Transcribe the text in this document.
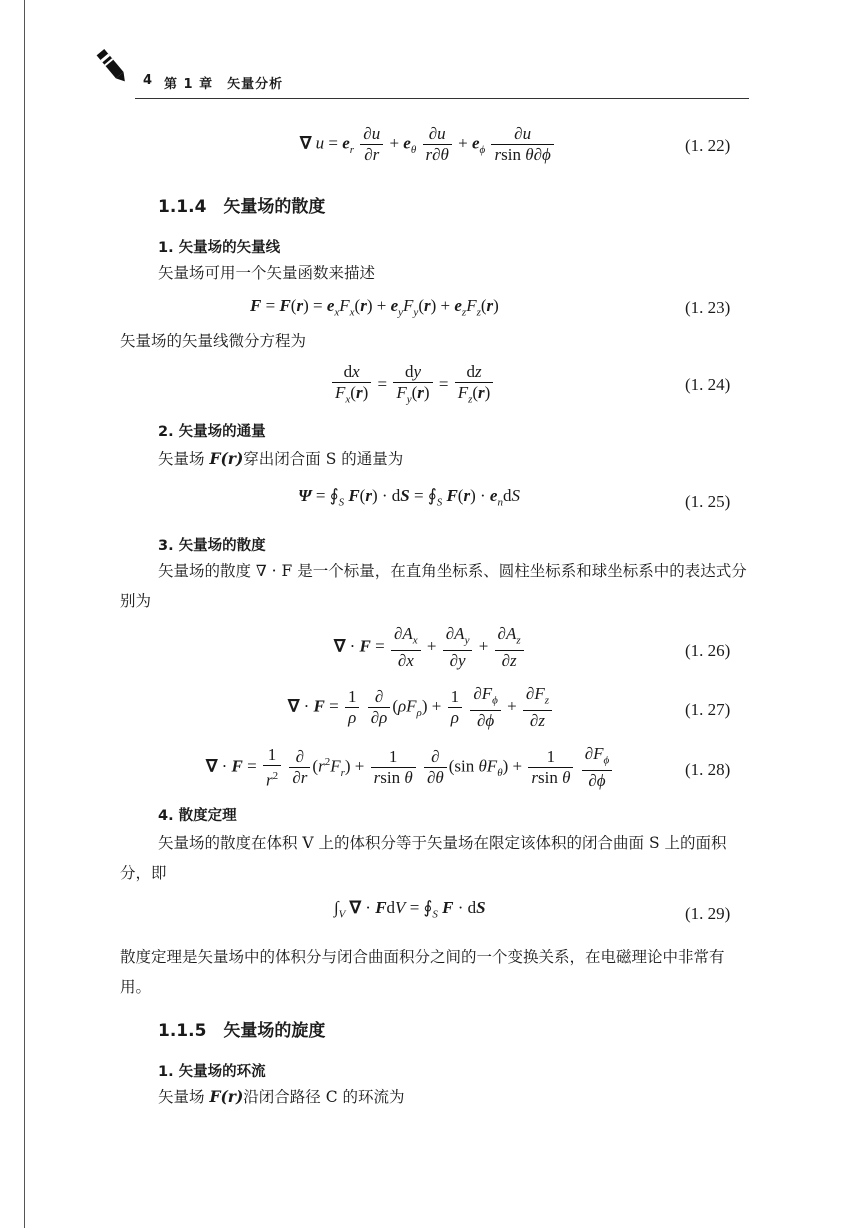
4 第 1 章　矢量分析
∇ $u = e_r \frac{\partial u}{\partial r} + e_\theta \frac{\partial u}{r\partial\theta} + e_\phi \frac{\partial u}{\text{rsin θ∂ϕ}}$	(1. 22)
1.1.4　矢量场的散度
1. 矢量场的矢量线
矢量场可用一个矢量函数来描述
$F = F(r) = e_xF_x(r) + e_yF_y(r) + e_zF_z(r)$	(1. 23)
矢量场的矢量线微分方程为
$\frac{dx}{F_x(r)} = \frac{dy}{F_y(r)} = \frac{dz}{F_z(r)}$	(1. 24)
2. 矢量场的通量
矢量场 F(r)穿出闭合面 S 的通量为
$\Psi = ∮_S$ F(r) · dS = $∮_S$ $F(r) \cdot e_ndS$	(1. 25)
3. 矢量场的散度
矢量场的散度 ∇ · F 是一个标量，在直角坐标系、圆柱坐标系和球坐标系中的表达式分别为
∇ · $F = \frac{\partial A_x}{\partial x} + \frac{\partial A_y}{\partial y} + \frac{\partial A_z}{\partial z}$	(1. 26)
∇ · $F = \frac{1}{\rho}$
$\frac{\partial}{\partial\rho} (\rho F_\rho) + \frac{1}{\rho}$
$\frac{\partial F_\phi}{\partial\phi} + \frac{\partial F_z}{\partial z}$	(1. 27)
∇ · $F = \frac{1}{r^2}$
$\frac{\partial}{\partial r} (r^2F_r) + \frac{1}{\text{rsin θ}}$
$\frac{\partial}{\partial\theta} (\sin$ $\theta F_\theta) + \frac{1}{\text{rsin θ}}$
$\frac{\partial F_\phi}{\partial\phi}$	(1. 28)
4. 散度定理
矢量场的散度在体积 V 上的体积分等于矢量场在限定该体积的闭合曲面 S 上的面积分，即
$\int_V$ ∇ · FdV = $∮_S$ F · dS	(1. 29)
散度定理是矢量场中的体积分与闭合曲面积分之间的一个变换关系，在电磁理论中非常有用。
1.1.5　矢量场的旋度
1. 矢量场的环流
矢量场 F(r)沿闭合路径 C 的环流为
